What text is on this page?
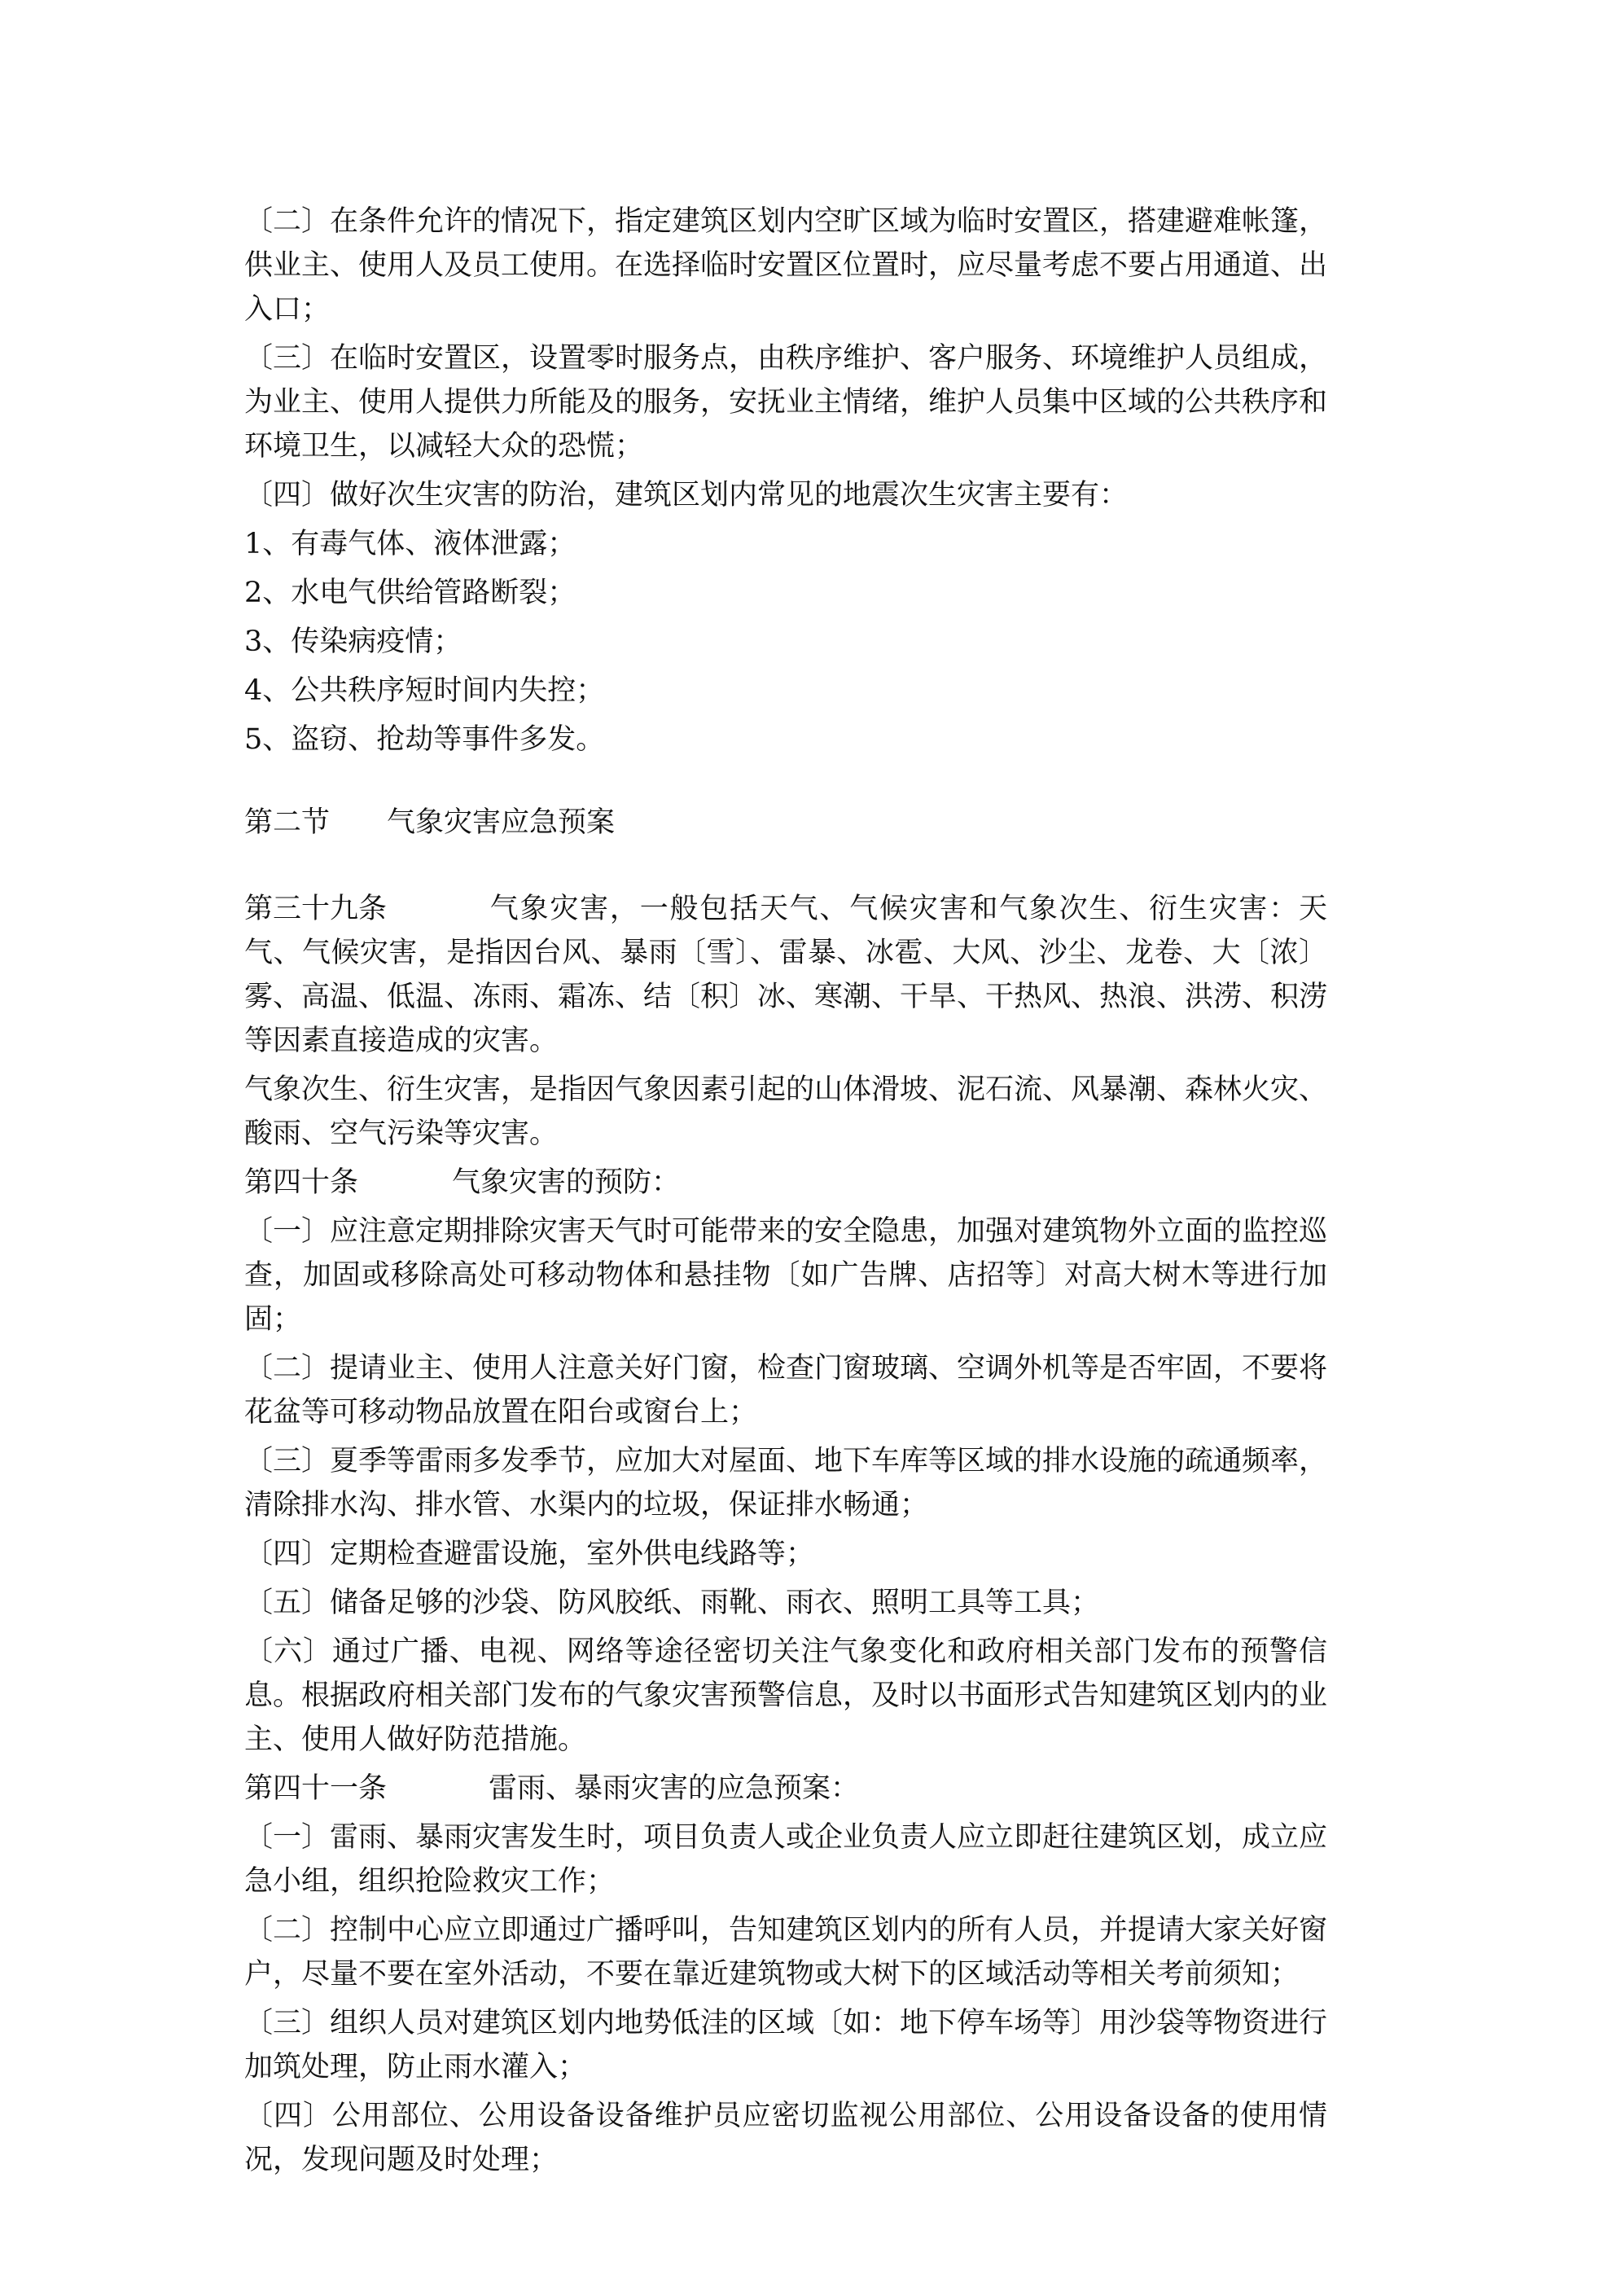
〔二〕在条件允许的情况下，指定建筑区划内空旷区域为临时安置区，搭建避难帐篷，供业主、使用人及员工使用。在选择临时安置区位置时，应尽量考虑不要占用通道、出入口；

〔三〕在临时安置区，设置零时服务点，由秩序维护、客户服务、环境维护人员组成，为业主、使用人提供力所能及的服务，安抚业主情绪，维护人员集中区域的公共秩序和环境卫生，以减轻大众的恐慌；

〔四〕做好次生灾害的防治，建筑区划内常见的地震次生灾害主要有：

1、有毒气体、液体泄露；

2、水电气供给管路断裂；

3、传染病疫情；

4、公共秩序短时间内失控；

5、盗窃、抢劫等事件多发。

第二节　　 气象灾害应急预案

第三十九条	气象灾害，一般包括天气、气候灾害和气象次生、衍生灾害：天气、气候灾害，是指因台风、暴雨〔雪〕、雷暴、冰雹、大风、沙尘、龙卷、大〔浓〕雾、高温、低温、冻雨、霜冻、结〔积〕冰、寒潮、干旱、干热风、热浪、洪涝、积涝等因素直接造成的灾害。

气象次生、衍生灾害，是指因气象因素引起的山体滑坡、泥石流、风暴潮、森林火灾、酸雨、空气污染等灾害。

第四十条	气象灾害的预防：

〔一〕应注意定期排除灾害天气时可能带来的安全隐患，加强对建筑物外立面的监控巡查，加固或移除高处可移动物体和悬挂物〔如广告牌、店招等〕对高大树木等进行加固；

〔二〕提请业主、使用人注意关好门窗，检查门窗玻璃、空调外机等是否牢固，不要将花盆等可移动物品放置在阳台或窗台上；

〔三〕夏季等雷雨多发季节，应加大对屋面、地下车库等区域的排水设施的疏通频率，清除排水沟、排水管、水渠内的垃圾，保证排水畅通；

〔四〕定期检查避雷设施，室外供电线路等；

〔五〕储备足够的沙袋、防风胶纸、雨靴、雨衣、照明工具等工具；

〔六〕通过广播、电视、网络等途径密切关注气象变化和政府相关部门发布的预警信息。根据政府相关部门发布的气象灾害预警信息，及时以书面形式告知建筑区划内的业主、使用人做好防范措施。

第四十一条	雷雨、暴雨灾害的应急预案：

〔一〕雷雨、暴雨灾害发生时，项目负责人或企业负责人应立即赶往建筑区划，成立应急小组，组织抢险救灾工作；

〔二〕控制中心应立即通过广播呼叫，告知建筑区划内的所有人员，并提请大家关好窗户，尽量不要在室外活动，不要在靠近建筑物或大树下的区域活动等相关考前须知；

〔三〕组织人员对建筑区划内地势低洼的区域〔如：地下停车场等〕用沙袋等物资进行加筑处理，防止雨水灌入；

〔四〕公用部位、公用设备设备维护员应密切监视公用部位、公用设备设备的使用情况，发现问题及时处理；
